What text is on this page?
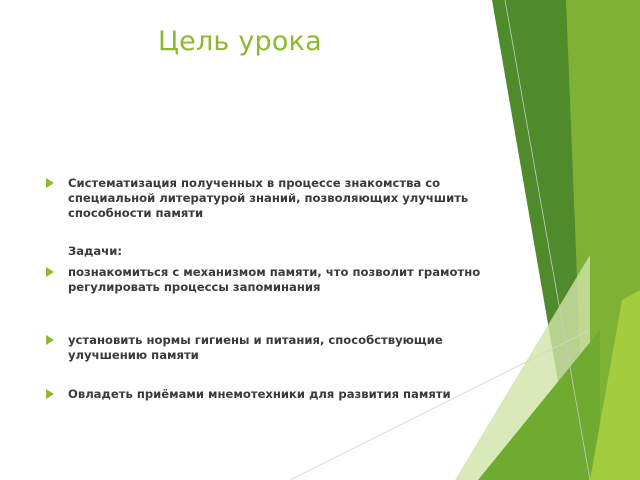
Цель урока
Систематизация полученных в процессе знакомства со специальной литературой знаний, позволяющих улучшить способности памяти
Задачи:
познакомиться с механизмом памяти, что позволит грамотно регулировать процессы запоминания
установить нормы гигиены и питания, способствующие улучшению памяти
Овладеть приёмами мнемотехники для развития памяти
